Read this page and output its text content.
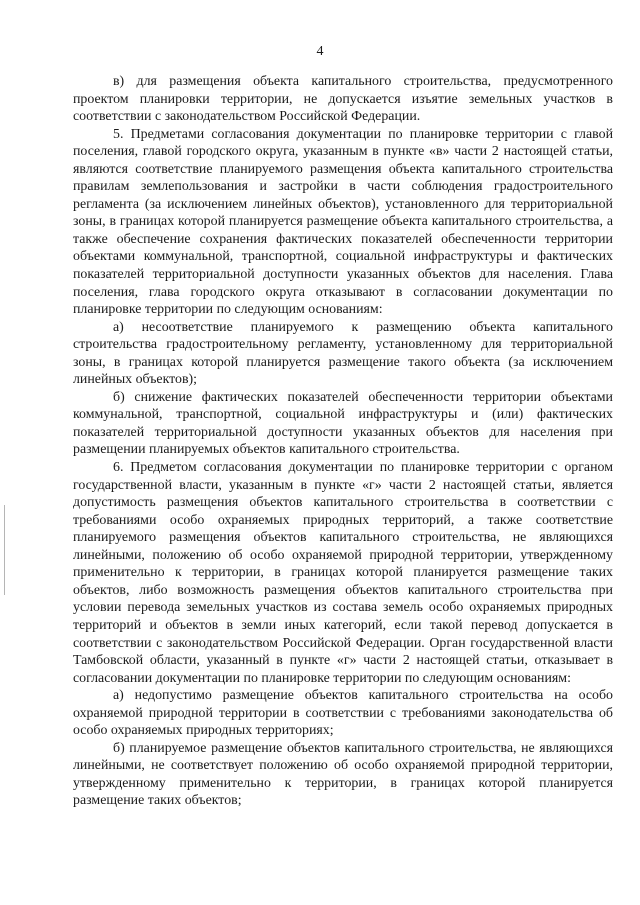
4

в) для размещения объекта капитального строительства, предусмотренного проектом планировки территории, не допускается изъятие земельных участков в соответствии с законодательством Российской Федерации.

5. Предметами согласования документации по планировке территории с главой поселения, главой городского округа, указанным в пункте «в» части 2 настоящей статьи, являются соответствие планируемого размещения объекта капитального строительства правилам землепользования и застройки в части соблюдения градостроительного регламента (за исключением линейных объектов), установленного для территориальной зоны, в границах которой планируется размещение объекта капитального строительства, а также обеспечение сохранения фактических показателей обеспеченности территории объектами коммунальной, транспортной, социальной инфраструктуры и фактических показателей территориальной доступности указанных объектов для населения. Глава поселения, глава городского округа отказывают в согласовании документации по планировке территории по следующим основаниям:

а) несоответствие планируемого к размещению объекта капитального строительства градостроительному регламенту, установленному для территориальной зоны, в границах которой планируется размещение такого объекта (за исключением линейных объектов);

б) снижение фактических показателей обеспеченности территории объектами коммунальной, транспортной, социальной инфраструктуры и (или) фактических показателей территориальной доступности указанных объектов для населения при размещении планируемых объектов капитального строительства.

6. Предметом согласования документации по планировке территории с органом государственной власти, указанным в пункте «г» части 2 настоящей статьи, является допустимость размещения объектов капитального строительства в соответствии с требованиями особо охраняемых природных территорий, а также соответствие планируемого размещения объектов капитального строительства, не являющихся линейными, положению об особо охраняемой природной территории, утвержденному применительно к территории, в границах которой планируется размещение таких объектов, либо возможность размещения объектов капитального строительства при условии перевода земельных участков из состава земель особо охраняемых природных территорий и объектов в земли иных категорий, если такой перевод допускается в соответствии с законодательством Российской Федерации. Орган государственной власти Тамбовской области, указанный в пункте «г» части 2 настоящей статьи, отказывает в согласовании документации по планировке территории по следующим основаниям:

а) недопустимо размещение объектов капитального строительства на особо охраняемой природной территории в соответствии с требованиями законодательства об особо охраняемых природных территориях;

б) планируемое размещение объектов капитального строительства, не являющихся линейными, не соответствует положению об особо охраняемой природной территории, утвержденному применительно к территории, в границах которой планируется размещение таких объектов;
